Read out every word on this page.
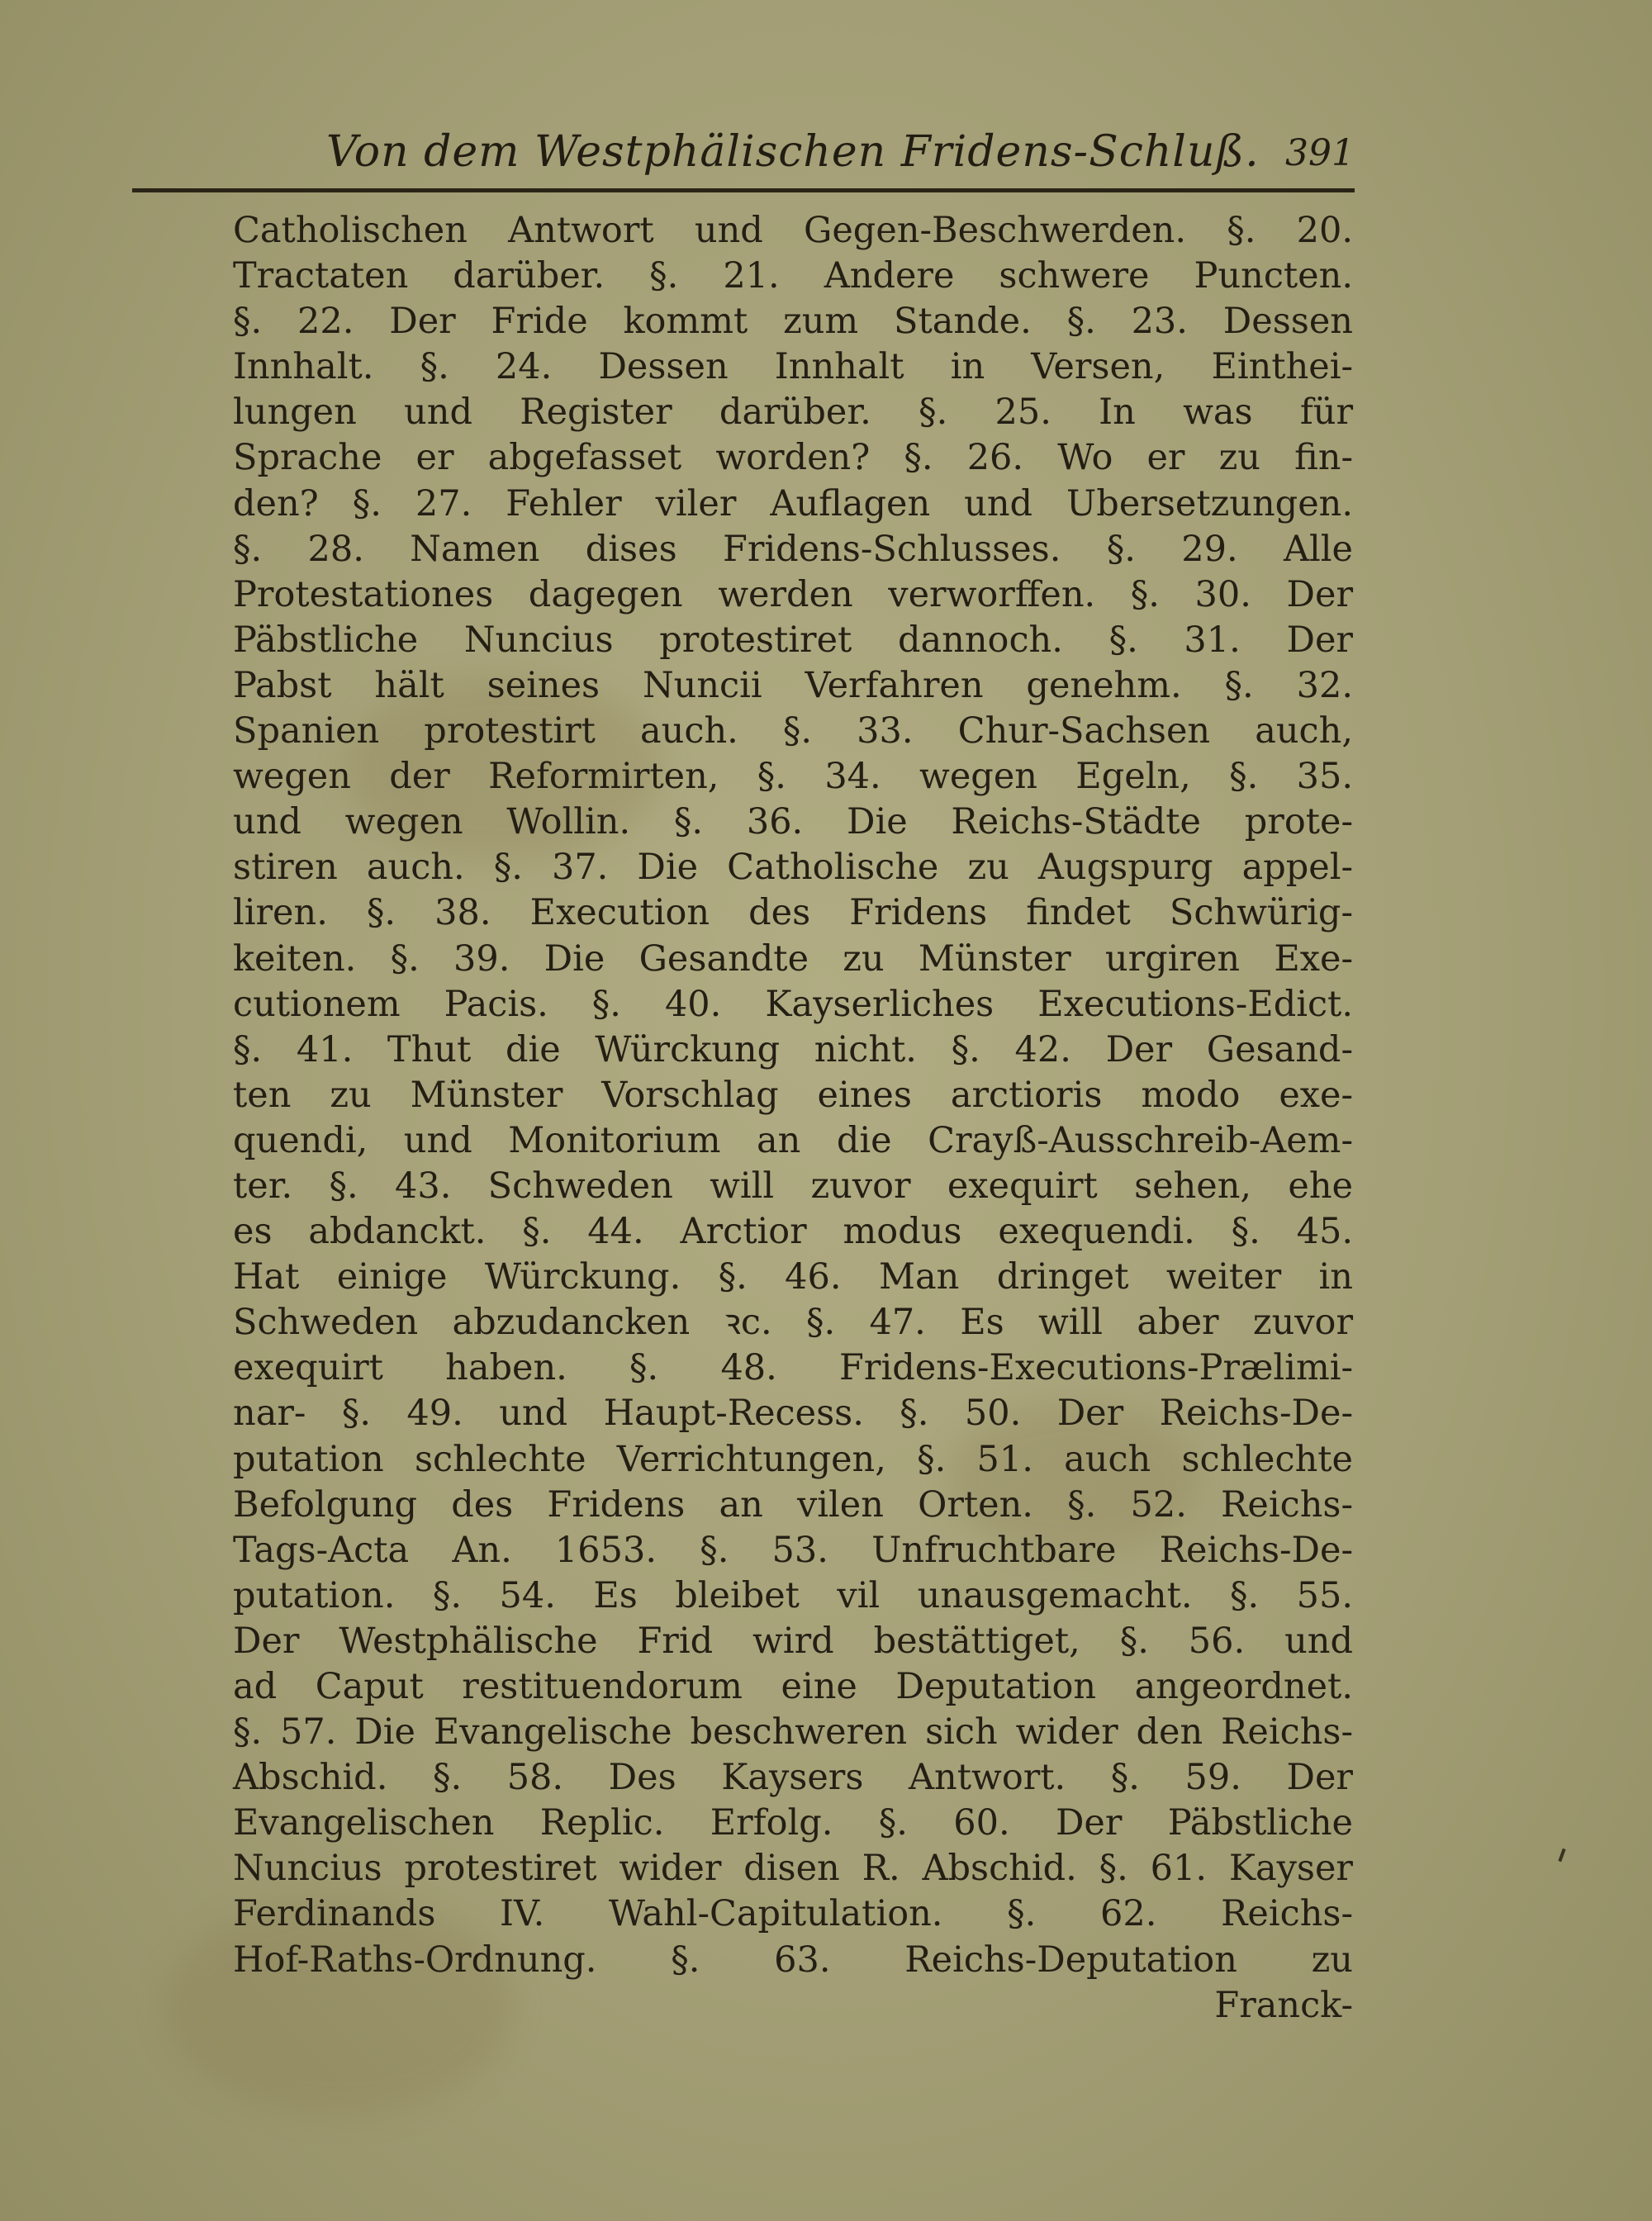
Von dem Westphälischen Fridens-Schluß. 391
Catholischen Antwort und Gegen-Beschwerden. §. 20.
Tractaten darüber. §. 21. Andere schwere Puncten.
§. 22. Der Fride kommt zum Stande. §. 23. Dessen
Innhalt. §. 24. Dessen Innhalt in Versen, Einthei-
lungen und Register darüber. §. 25. In was für
Sprache er abgefasset worden? §. 26. Wo er zu fin-
den? §. 27. Fehler viler Auflagen und Ubersetzungen.
§. 28. Namen dises Fridens-Schlusses. §. 29. Alle
Protestationes dagegen werden verworffen. §. 30. Der
Päbstliche Nuncius protestiret dannoch. §. 31. Der
Pabst hält seines Nuncii Verfahren genehm. §. 32.
Spanien protestirt auch. §. 33. Chur-Sachsen auch,
wegen der Reformirten, §. 34. wegen Egeln, §. 35.
und wegen Wollin. §. 36. Die Reichs-Städte prote-
stiren auch. §. 37. Die Catholische zu Augspurg appel-
liren. §. 38. Execution des Fridens findet Schwürig-
keiten. §. 39. Die Gesandte zu Münster urgiren Exe-
cutionem Pacis. §. 40. Kayserliches Executions-Edict.
§. 41. Thut die Würckung nicht. §. 42. Der Gesand-
ten zu Münster Vorschlag eines arctioris modo exe-
quendi, und Monitorium an die Crayß-Ausschreib-Aem-
ter. §. 43. Schweden will zuvor exequirt sehen, ehe
es abdanckt. §. 44. Arctior modus exequendi. §. 45.
Hat einige Würckung. §. 46. Man dringet weiter in
Schweden abzudancken ꝛc. §. 47. Es will aber zuvor
exequirt haben. §. 48. Fridens-Executions-Prælimi-
nar- §. 49. und Haupt-Recess. §. 50. Der Reichs-De-
putation schlechte Verrichtungen, §. 51. auch schlechte
Befolgung des Fridens an vilen Orten. §. 52. Reichs-
Tags-Acta An. 1653. §. 53. Unfruchtbare Reichs-De-
putation. §. 54. Es bleibet vil unausgemacht. §. 55.
Der Westphälische Frid wird bestättiget, §. 56. und
ad Caput restituendorum eine Deputation angeordnet.
§. 57. Die Evangelische beschweren sich wider den Reichs-
Abschid. §. 58. Des Kaysers Antwort. §. 59. Der
Evangelischen Replic. Erfolg. §. 60. Der Päbstliche
Nuncius protestiret wider disen R. Abschid. §. 61. Kayser
Ferdinands IV. Wahl-Capitulation. §. 62. Reichs-
Hof-Raths-Ordnung. §. 63. Reichs-Deputation zu
Franck-
